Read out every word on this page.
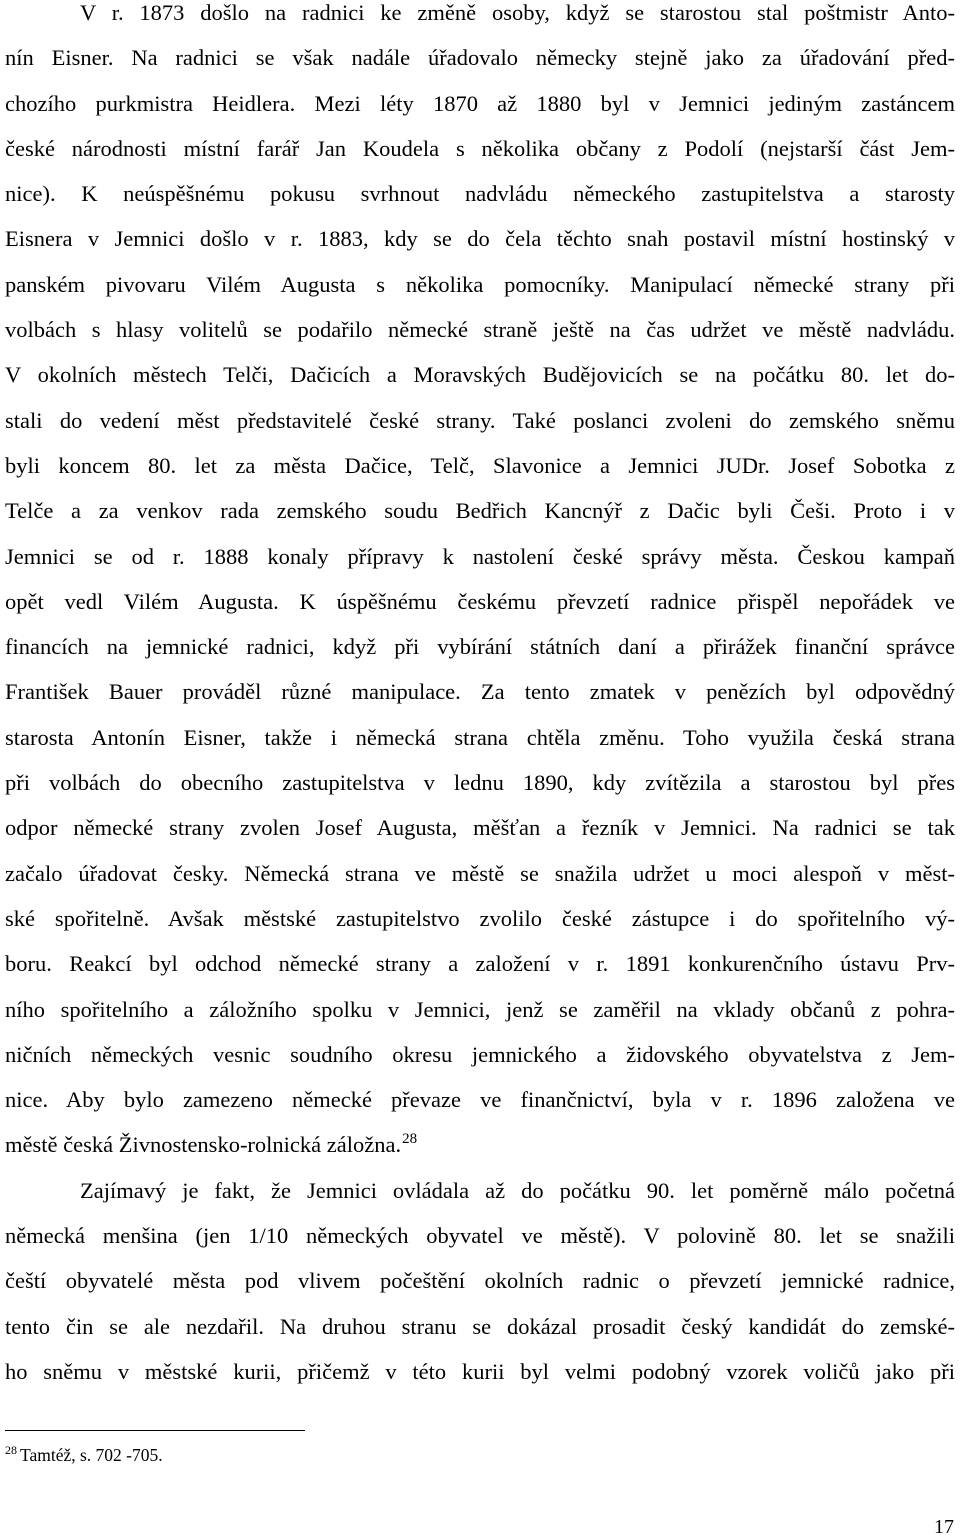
V r. 1873 došlo na radnici ke změně osoby, když se starostou stal poštmistr Anto-
nín Eisner. Na radnici se však nadále úřadovalo německy stejně jako za úřadování před-
chozího purkmistra Heidlera. Mezi léty 1870 až 1880 byl v Jemnici jediným zastáncem
české národnosti místní farář Jan Koudela s několika občany z Podolí (nejstarší část Jem-
nice). K neúspěšnému pokusu svrhnout nadvládu německého zastupitelstva a starosty
Eisnera v Jemnici došlo v r. 1883, kdy se do čela těchto snah postavil místní hostinský v
panském pivovaru Vilém Augusta s několika pomocníky. Manipulací německé strany při
volbách s hlasy volitelů se podařilo německé straně ještě na čas udržet ve městě nadvládu.
V okolních městech Telči, Dačicích a Moravských Budějovicích se na počátku 80. let do-
stali do vedení měst představitelé české strany. Také poslanci zvoleni do zemského sněmu
byli koncem 80. let za města Dačice, Telč, Slavonice a Jemnici JUDr. Josef Sobotka z
Telče a za venkov rada zemského soudu Bedřich Kancnýř z Dačic byli Češi. Proto i v
Jemnici se od r. 1888 konaly přípravy k nastolení české správy města. Českou kampaň
opět vedl Vilém Augusta. K úspěšnému českému převzetí radnice přispěl nepořádek ve
financích na jemnické radnici, když při vybírání státních daní a přirážek finanční správce
František Bauer prováděl různé manipulace. Za tento zmatek v penězích byl odpovědný
starosta Antonín Eisner, takže i německá strana chtěla změnu. Toho využila česká strana
při volbách do obecního zastupitelstva v lednu 1890, kdy zvítězila a starostou byl přes
odpor německé strany zvolen Josef Augusta, měšťan a řezník v Jemnici. Na radnici se tak
začalo úřadovat česky. Německá strana ve městě se snažila udržet u moci alespoň v měst-
ské spořitelně. Avšak městské zastupitelstvo zvolilo české zástupce i do spořitelního vý-
boru. Reakcí byl odchod německé strany a založení v r. 1891 konkurenčního ústavu Prv-
ního spořitelního a záložního spolku v Jemnici, jenž se zaměřil na vklady občanů z pohra-
ničních německých vesnic soudního okresu jemnického a židovského obyvatelstva z Jem-
nice. Aby bylo zamezeno německé převaze ve finančnictví, byla v r. 1896 založena ve
městě česká Živnostensko-rolnická záložna.$^{28}$
Zajímavý je fakt, že Jemnici ovládala až do počátku 90. let poměrně málo početná
německá menšina (jen 1/10 německých obyvatel ve městě). V polovině 80. let se snažili
čeští obyvatelé města pod vlivem počeštění okolních radnic o převzetí jemnické radnice,
tento čin se ale nezdařil. Na druhou stranu se dokázal prosadit český kandidát do zemské-
ho sněmu v městské kurii, přičemž v této kurii byl velmi podobný vzorek voličů jako při
$^{28}$ Tamtéž, s. 702 -705.
17
